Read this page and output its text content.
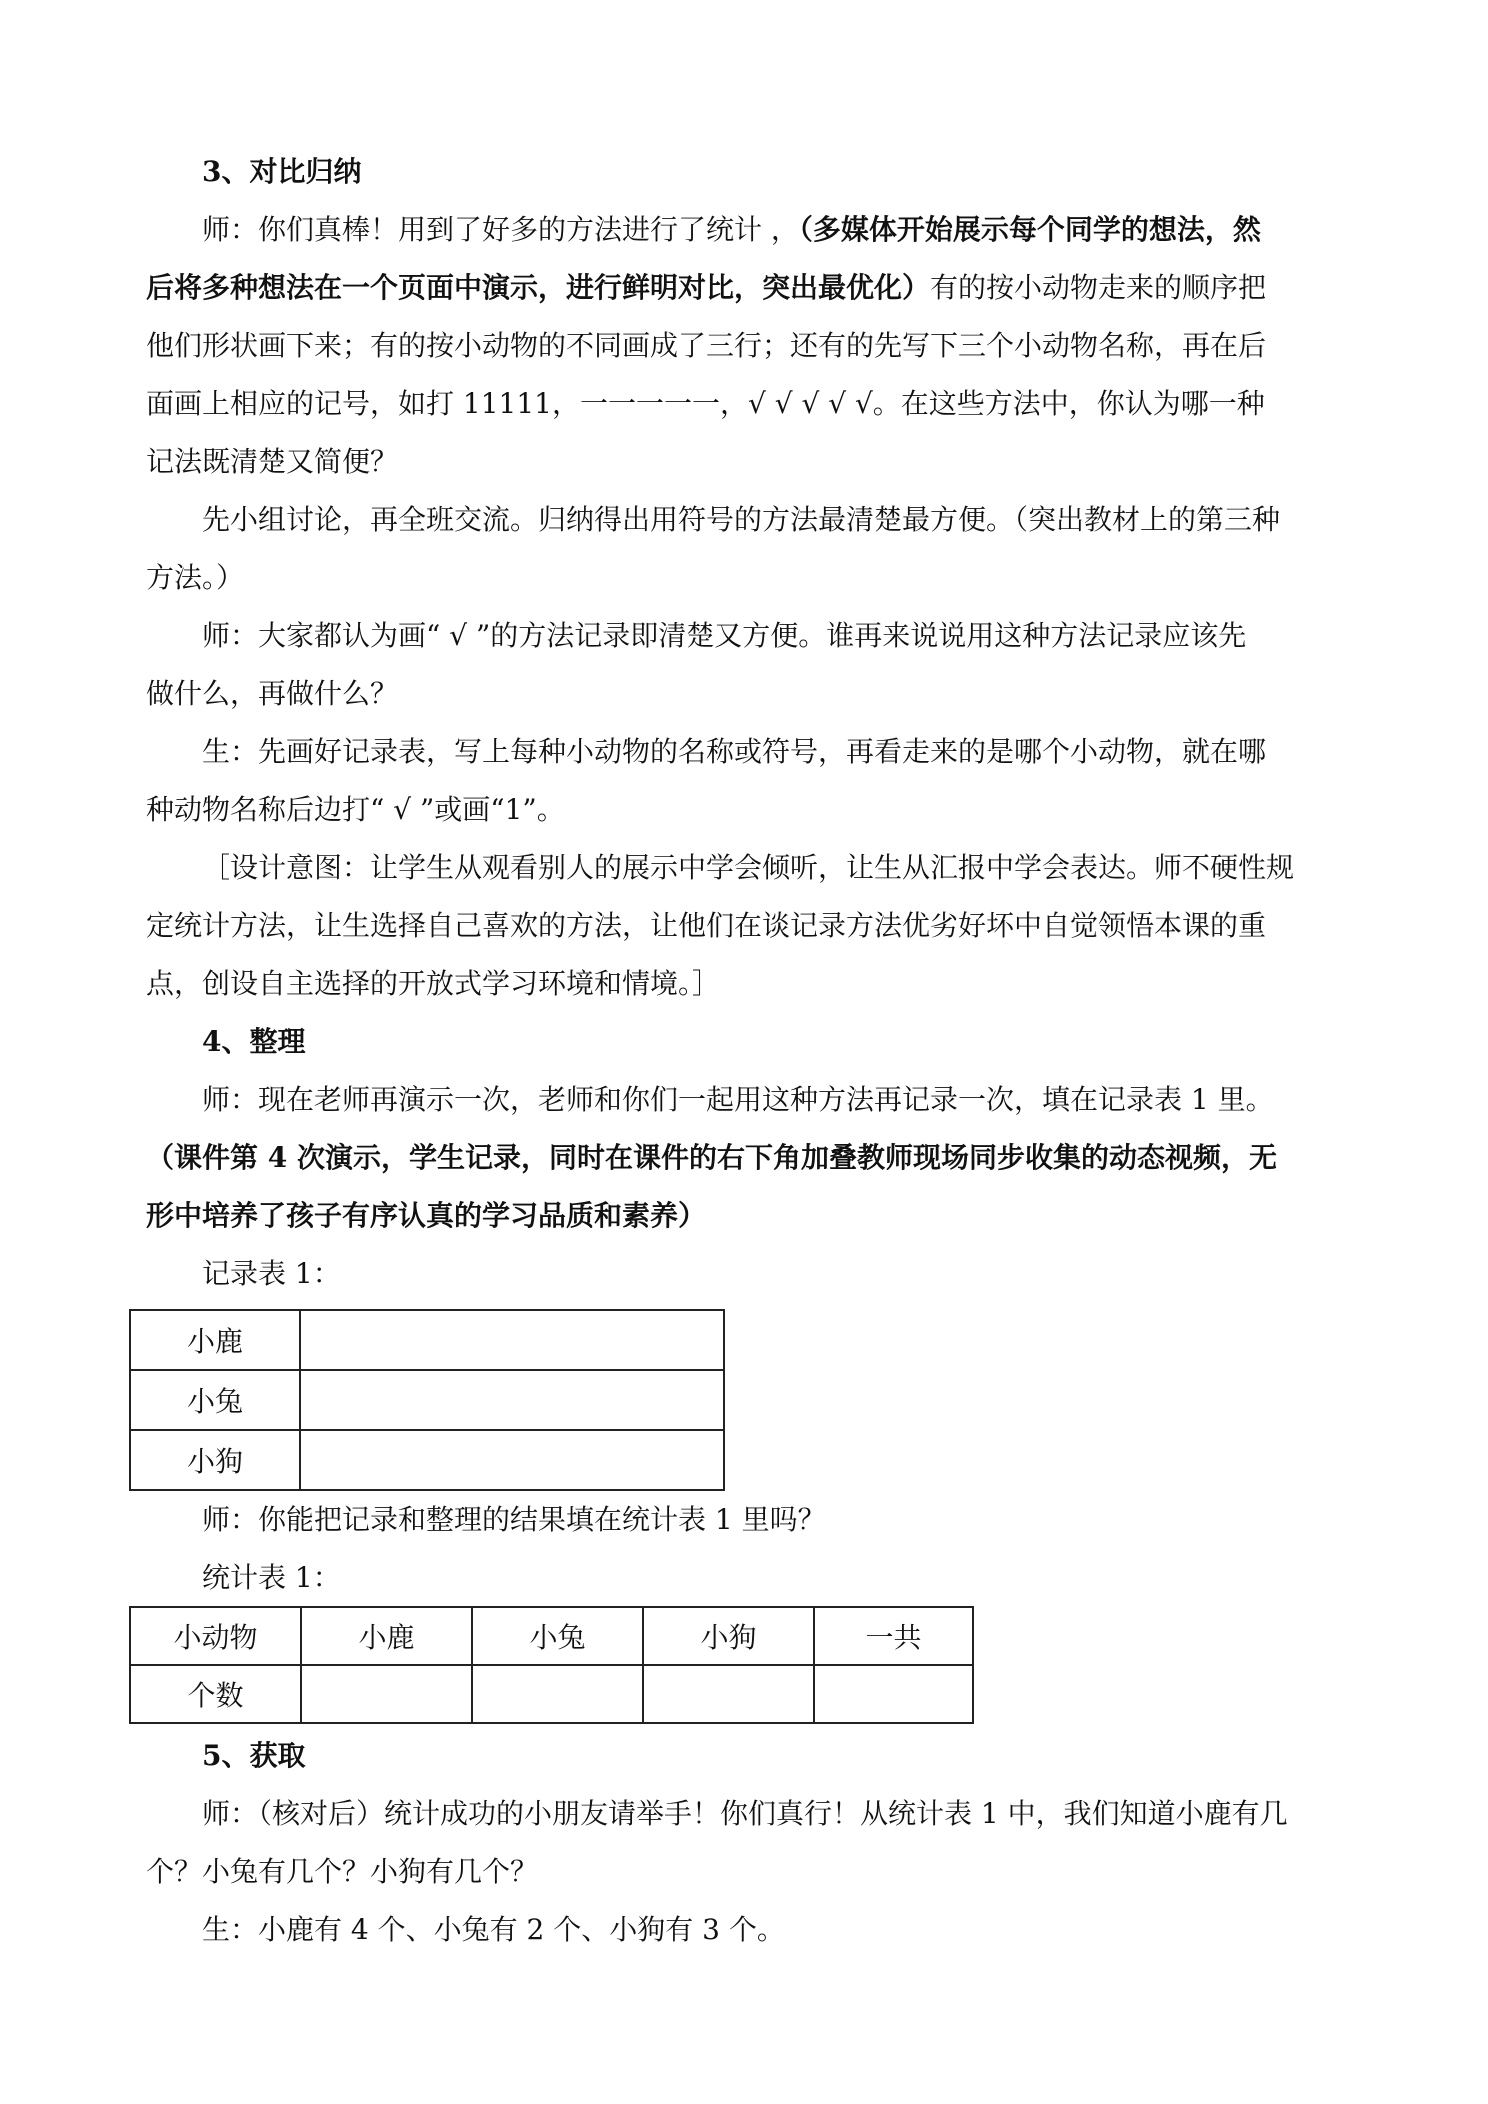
3、对比归纳
师：你们真棒！用到了好多的方法进行了统计 ，（多媒体开始展示每个同学的想法，然
后将多种想法在一个页面中演示，进行鲜明对比，突出最优化）有的按小动物走来的顺序把
他们形状画下来；有的按小动物的不同画成了三行；还有的先写下三个小动物名称，再在后
面画上相应的记号，如打 11111，一一一一一，√ √ √ √ √。在这些方法中，你认为哪一种
记法既清楚又简便？
先小组讨论，再全班交流。归纳得出用符号的方法最清楚最方便。（突出教材上的第三种
方法。）
师：大家都认为画“ √ ”的方法记录即清楚又方便。谁再来说说用这种方法记录应该先
做什么，再做什么？
生：先画好记录表，写上每种小动物的名称或符号，再看走来的是哪个小动物，就在哪
种动物名称后边打“ √ ”或画“1”。
［设计意图：让学生从观看别人的展示中学会倾听，让生从汇报中学会表达。师不硬性规
定统计方法，让生选择自己喜欢的方法，让他们在谈记录方法优劣好坏中自觉领悟本课的重
点，创设自主选择的开放式学习环境和情境。］
4、整理
师：现在老师再演示一次，老师和你们一起用这种方法再记录一次，填在记录表 1 里。
（课件第 4 次演示，学生记录，同时在课件的右下角加叠教师现场同步收集的动态视频，无
形中培养了孩子有序认真的学习品质和素养）
记录表 1：
小鹿	
小兔	
小狗	
师：你能把记录和整理的结果填在统计表 1 里吗？
统计表 1：
小动物	小鹿	小兔	小狗	一共
个数				
5、获取
师：（核对后）统计成功的小朋友请举手！你们真行！从统计表 1 中，我们知道小鹿有几
个？小兔有几个？小狗有几个？
生：小鹿有 4 个、小兔有 2 个、小狗有 3 个。
